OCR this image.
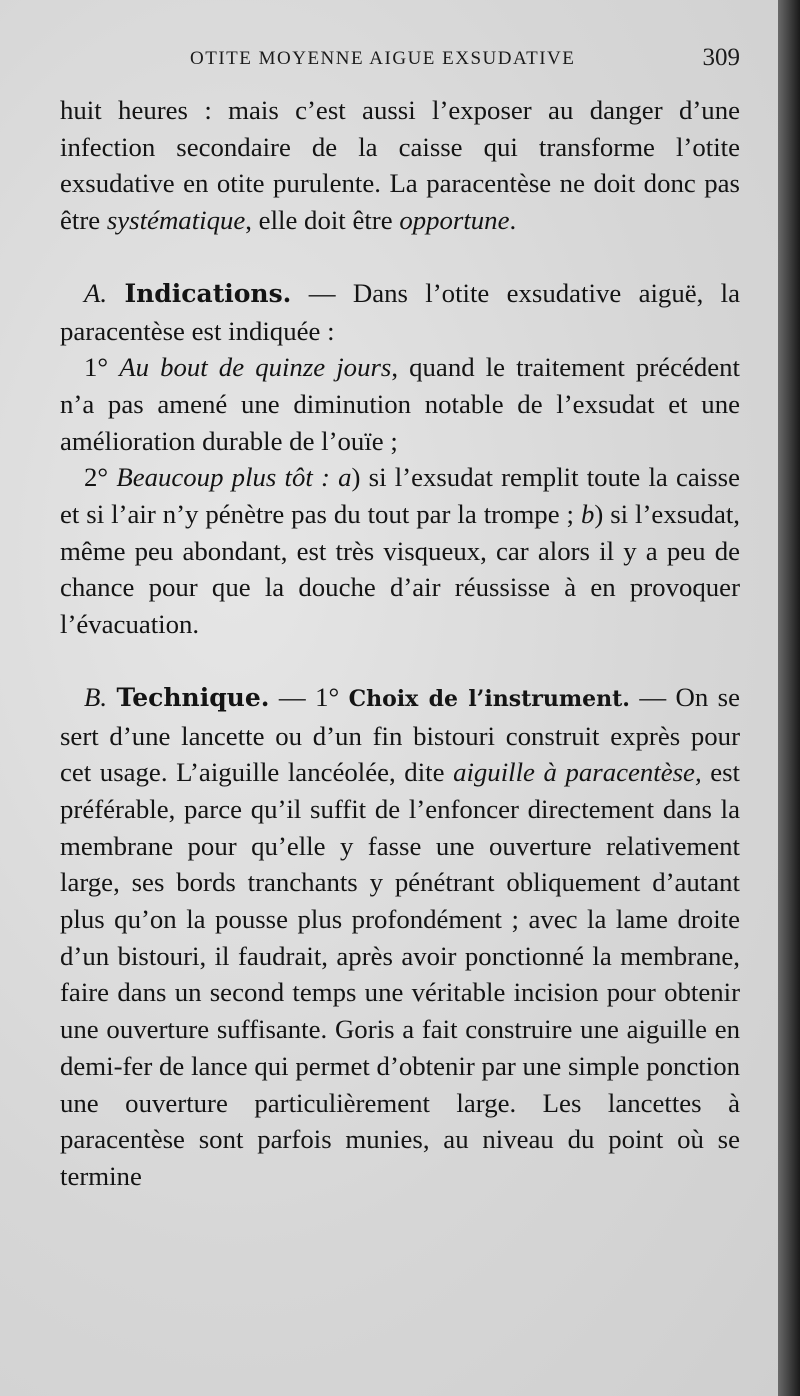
OTITE MOYENNE AIGUE EXSUDATIVE	309

huit heures : mais c’est aussi l’exposer au danger d’une infection secondaire de la caisse qui transforme l’otite exsudative en otite purulente. La paracentèse ne doit donc pas être systématique, elle doit être opportune.

A. Indications. — Dans l’otite exsudative aiguë, la paracentèse est indiquée :

1° Au bout de quinze jours, quand le traitement précédent n’a pas amené une diminution notable de l’exsudat et une amélioration durable de l’ouïe ;

2° Beaucoup plus tôt : a) si l’exsudat remplit toute la caisse et si l’air n’y pénètre pas du tout par la trompe ; b) si l’exsudat, même peu abondant, est très visqueux, car alors il y a peu de chance pour que la douche d’air réussisse à en provoquer l’évacuation.

B. Technique. — 1° Choix de l’instrument. — On se sert d’une lancette ou d’un fin bistouri construit exprès pour cet usage. L’aiguille lancéolée, dite aiguille à paracentèse, est préférable, parce qu’il suffit de l’enfoncer directement dans la membrane pour qu’elle y fasse une ouverture relativement large, ses bords tranchants y pénétrant obliquement d’autant plus qu’on la pousse plus profondément ; avec la lame droite d’un bistouri, il faudrait, après avoir ponctionné la membrane, faire dans un second temps une véritable incision pour obtenir une ouverture suffisante. Goris a fait construire une aiguille en demi-fer de lance qui permet d’obtenir par une simple ponction une ouverture particulièrement large. Les lancettes à paracentèse sont parfois munies, au niveau du point où se termine
